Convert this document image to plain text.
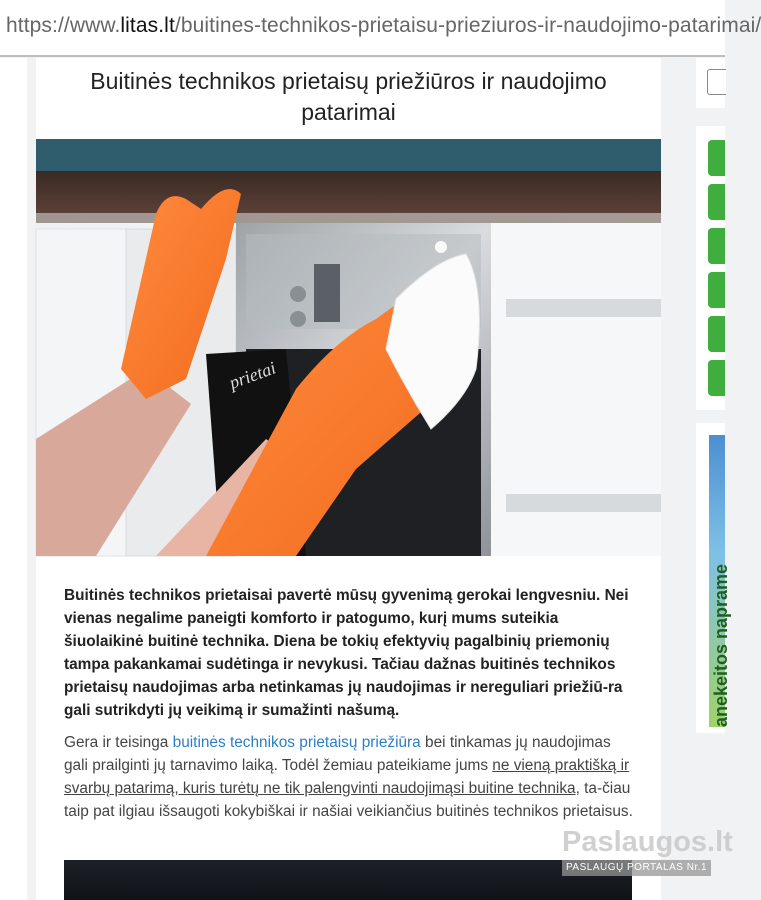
https://www.litas.lt/buitines-technikos-prietaisu-prieziuros-ir-naudojimo-patarimai/
Buitinės technikos prietaisų priežiūros ir naudojimo patarimai
prietai

Buitinės technikos prietaisai pavertė mūsų gyvenimą gerokai lengvesniu. Nei vienas negalime paneigti komforto ir patogumo, kurį mums suteikia šiuolaikinė buitinė technika. Diena be tokių efektyvių pagalbinių priemonių tampa pakankamai sudėtinga ir nevykusi. Tačiau dažnas buitinės technikos prietaisų naudojimas arba netinkamas jų naudojimas ir nereguliari priežiū-ra gali sutrikdyti jų veikimą ir sumažinti našumą.

Gera ir teisinga buitinės technikos prietaisų priežiūra bei tinkamas jų naudojimas gali prailginti jų tarnavimo laiką. Todėl žemiau pateikiame jums ne vieną praktišką ir svarbų patarimą, kuris turėtų ne tik palengvinti naudojimąsi buitine technika, ta-čiau taip pat ilgiau išsaugoti kokybiškai ir našiai veikiančius buitinės technikos prietaisus.

anekeitos naprame
Paslaugos.lt
PASLAUGŲ PORTALAS Nr.1
